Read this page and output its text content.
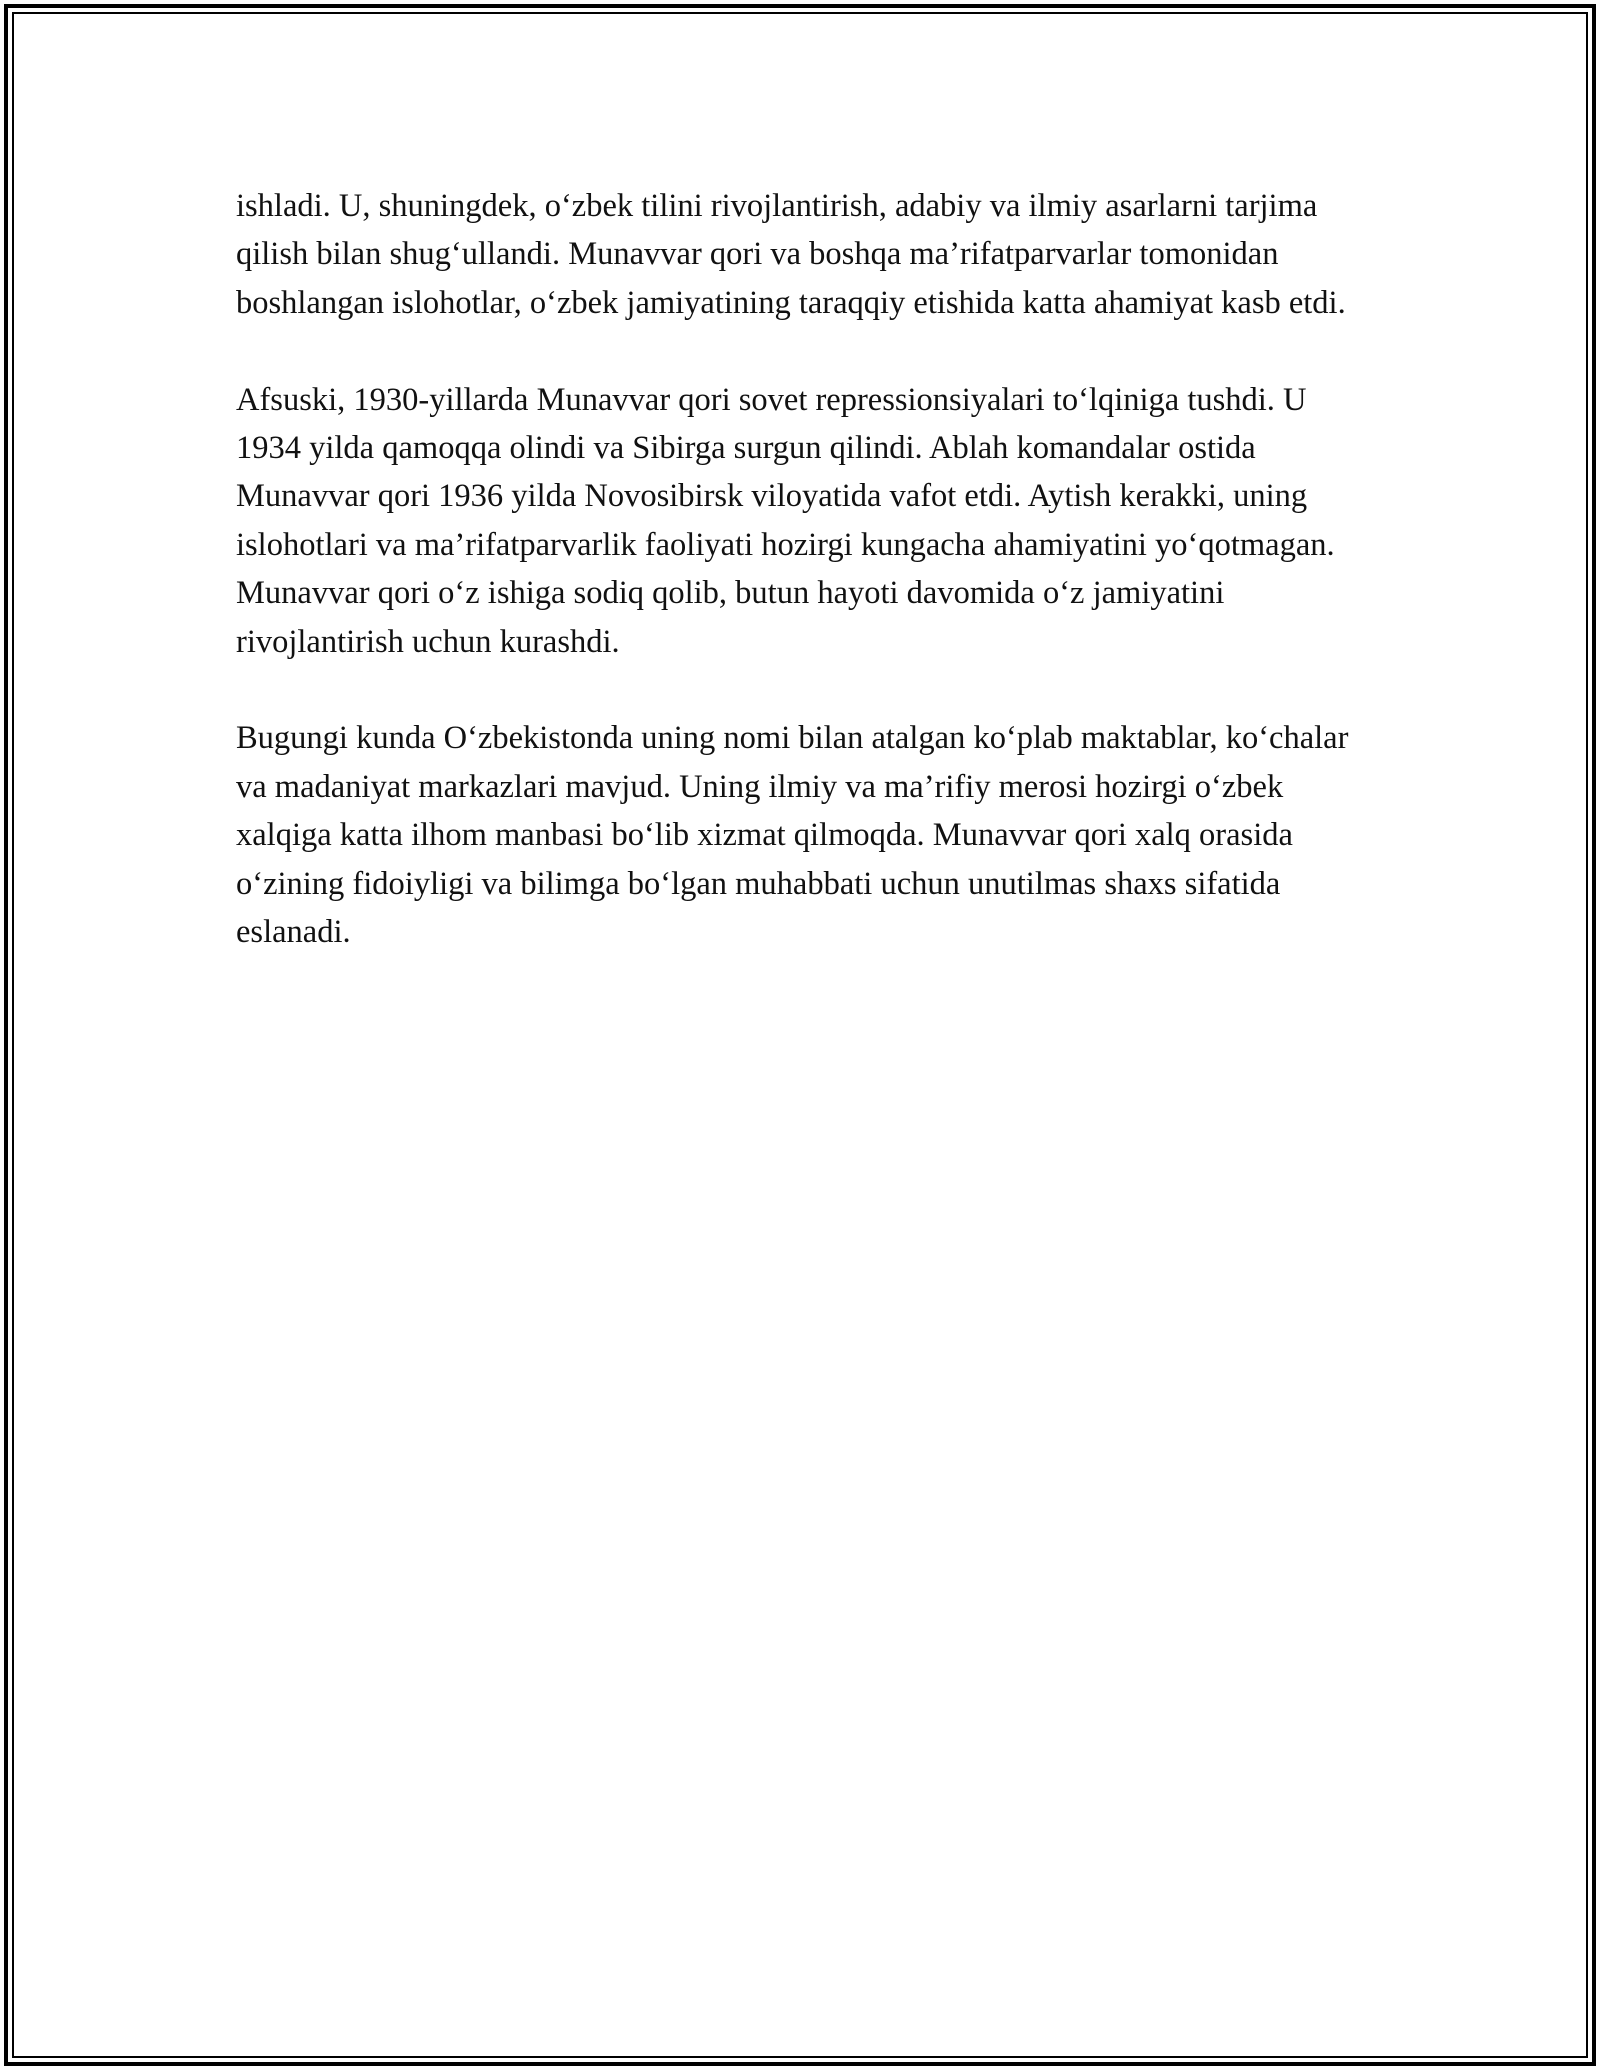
ishladi. U, shuningdek, o‘zbek tilini rivojlantirish, adabiy va ilmiy asarlarni tarjima qilish bilan shug‘ullandi. Munavvar qori va boshqa ma’rifatparvarlar tomonidan boshlangan islohotlar, o‘zbek jamiyatining taraqqiy etishida katta ahamiyat kasb etdi.

Afsuski, 1930-yillarda Munavvar qori sovet repressionsiyalari to‘lqiniga tushdi. U 1934 yilda qamoqqa olindi va Sibirga surgun qilindi. Ablah komandalar ostida Munavvar qori 1936 yilda Novosibirsk viloyatida vafot etdi. Aytish kerakki, uning islohotlari va ma’rifatparvarlik faoliyati hozirgi kungacha ahamiyatini yo‘qotmagan. Munavvar qori o‘z ishiga sodiq qolib, butun hayoti davomida o‘z jamiyatini rivojlantirish uchun kurashdi.

Bugungi kunda O‘zbekistonda uning nomi bilan atalgan ko‘plab maktablar, ko‘chalar va madaniyat markazlari mavjud. Uning ilmiy va ma’rifiy merosi hozirgi o‘zbek xalqiga katta ilhom manbasi bo‘lib xizmat qilmoqda. Munavvar qori xalq orasida o‘zining fidoiyligi va bilimga bo‘lgan muhabbati uchun unutilmas shaxs sifatida eslanadi.
